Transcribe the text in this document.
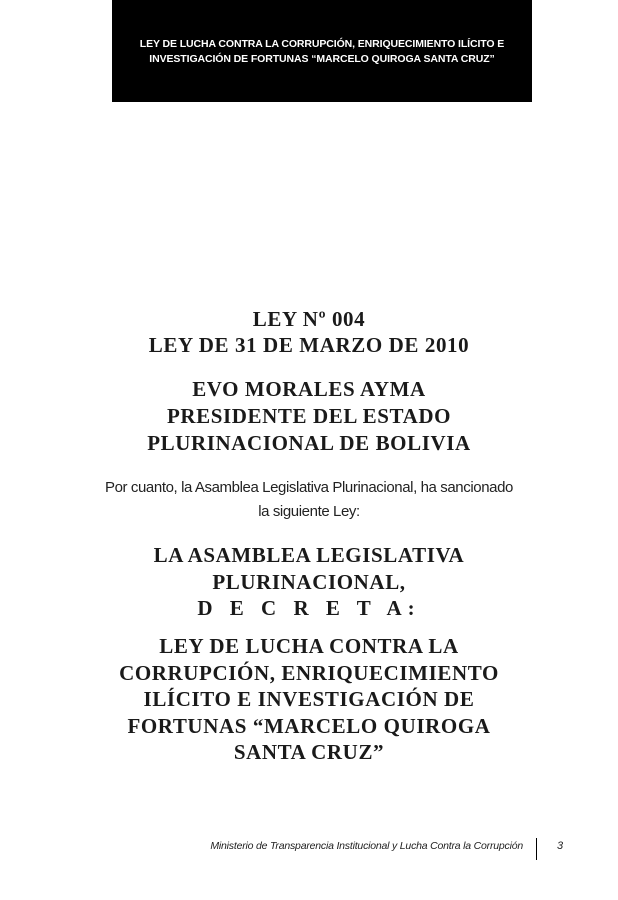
LEY DE LUCHA CONTRA LA CORRUPCIÓN, ENRIQUECIMIENTO ILÍCITO E
INVESTIGACIÓN DE FORTUNAS “MARCELO QUIROGA SANTA CRUZ”
LEY Nº 004
LEY DE 31 DE MARZO DE 2010
EVO MORALES AYMA
PRESIDENTE DEL ESTADO
PLURINACIONAL DE BOLIVIA
Por cuanto, la Asamblea Legislativa Plurinacional, ha sancionado
la siguiente Ley:
LA ASAMBLEA LEGISLATIVA
PLURINACIONAL,
D E C R E T A:
LEY DE LUCHA CONTRA LA
CORRUPCIÓN, ENRIQUECIMIENTO
ILÍCITO E INVESTIGACIÓN DE
FORTUNAS “MARCELO QUIROGA
SANTA CRUZ”
Ministerio de Transparencia Institucional y Lucha Contra la Corrupción	3
